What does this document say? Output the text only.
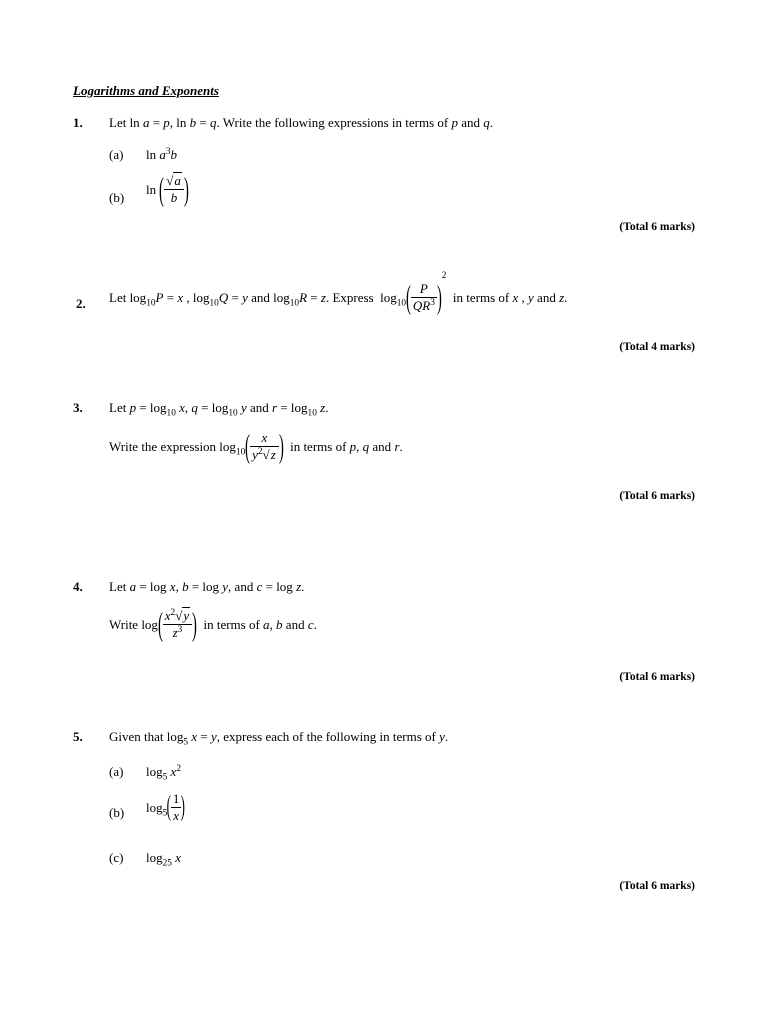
Logarithms and Exponents
1. Let ln a = p, ln b = q. Write the following expressions in terms of p and q.
(a) $\ln a^3b$
(b)
ln ( $\frac{√a}{b}$ )
(Total 6 marks)
2. Let $\log_{10}P = x$ , $\log_{10}Q = y$ and $\log_{10}R = z$. Express  $\log_{10}( \frac{P}{QR^3} )2$  in terms of x , y and z.
(Total 4 marks)
3. Let $p = \log_{10} x$, $q = \log_{10} y$ and $r = \log_{10} z$.
Write the expression $\log_{10}( \frac{x}{y^2√z}$ )  in terms of p, q and r.
(Total 6 marks)
4. Let a = log x, b = log y, and c = log z.
Write $\log( \frac{x^2√y}{z^3}$ )  in terms of a, b and c.
(Total 6 marks)
5. Given that $\log_5 x = y$, express each of the following in terms of y.
(a) $\log_5 x^2$
(b) $\log_5( \frac{1}{x}$ )
(c) $\log_{25} x$
(Total 6 marks)
